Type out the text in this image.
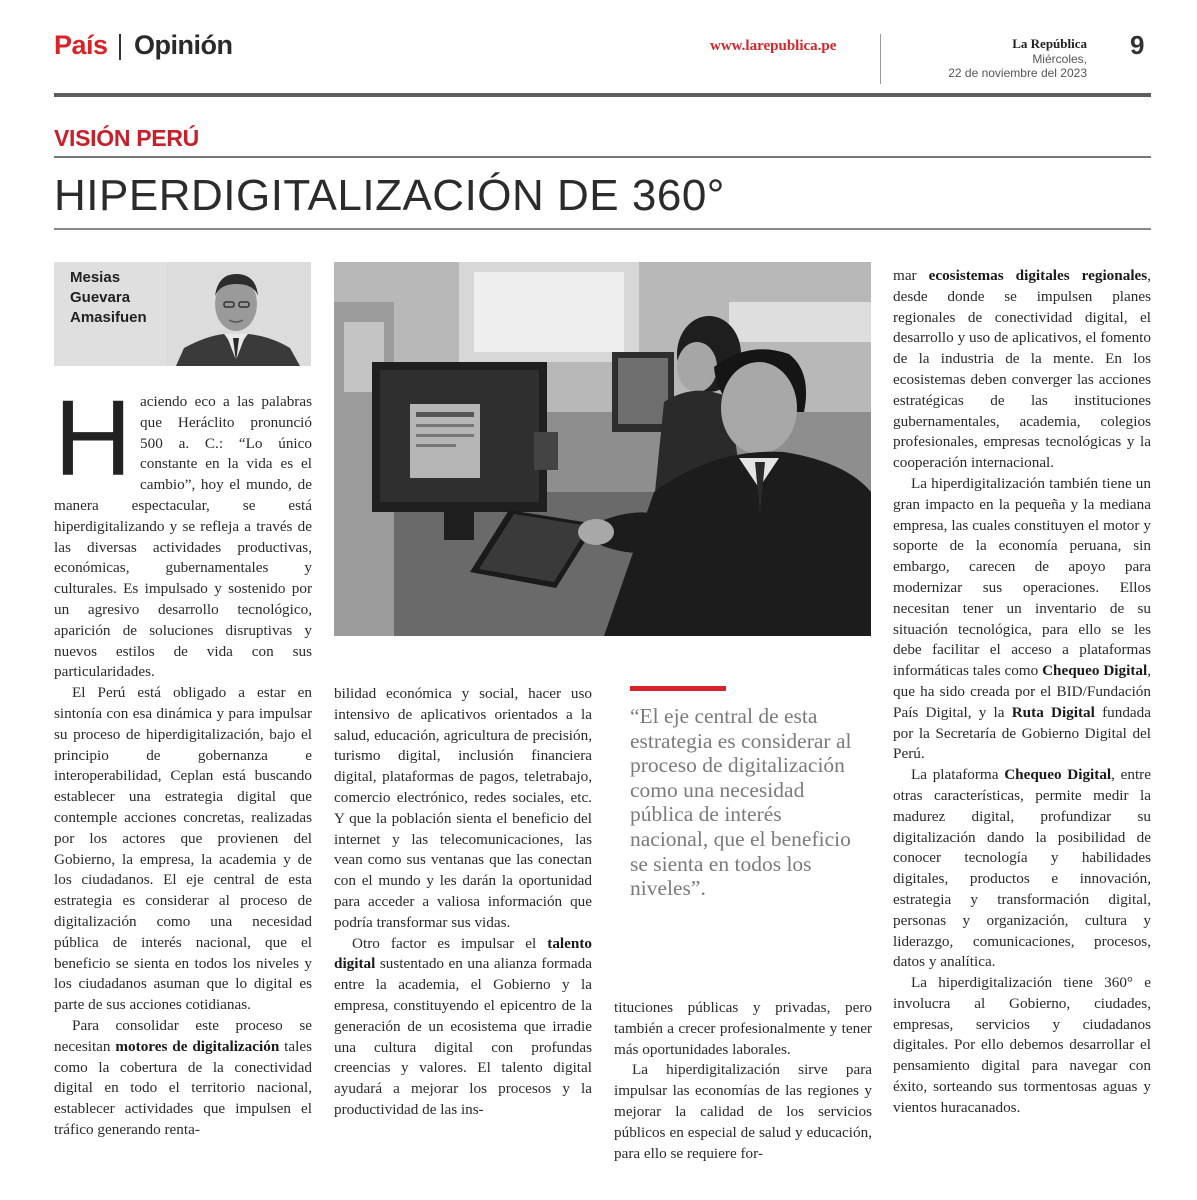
País Opinión	www.larepublica.pe	La República
Miércoles,
22 de noviembre del 2023
9
VISIÓN PERÚ
HIPERDIGITALIZACIÓN DE 360°
Mesias
Guevara
Amasifuen

Haciendo eco a las palabras que Heráclito pronunció 500 a. C.: “Lo único constante en la vida es el cambio”, hoy el mundo, de manera espectacular, se está hiperdigitalizando y se refleja a través de las diversas actividades productivas, económicas, gubernamentales y culturales. Es impulsado y sostenido por un agresivo desarrollo tecnológico, aparición de soluciones disruptivas y nuevos estilos de vida con sus particularidades.

El Perú está obligado a estar en sintonía con esa dinámica y para impulsar su proceso de hiperdigitalización, bajo el principio de gobernanza e interoperabilidad, Ceplan está buscando establecer una estrategia digital que contemple acciones concretas, realizadas por los actores que provienen del Gobierno, la empresa, la academia y de los ciudadanos. El eje central de esta estrategia es considerar al proceso de digitalización como una necesidad pública de interés nacional, que el beneficio se sienta en todos los niveles y los ciudadanos asuman que lo digital es parte de sus acciones cotidianas.

Para consolidar este proceso se necesitan motores de digitalización tales como la cobertura de la conectividad digital en todo el territorio nacional, establecer actividades que impulsen el tráfico generando renta-

bilidad económica y social, hacer uso intensivo de aplicativos orientados a la salud, educación, agricultura de precisión, turismo digital, inclusión financiera digital, plataformas de pagos, teletrabajo, comercio electrónico, redes sociales, etc. Y que la población sienta el beneficio del internet y las telecomunicaciones, las vean como sus ventanas que las conectan con el mundo y les darán la oportunidad para acceder a valiosa información que podría transformar sus vidas.

Otro factor es impulsar el talento digital sustentado en una alianza formada entre la academia, el Gobierno y la empresa, constituyendo el epicentro de la generación de un ecosistema que irradie una cultura digital con profundas creencias y valores. El talento digital ayudará a mejorar los procesos y la productividad de las ins-

“El eje central de esta estrategia es considerar al proceso de digitalización como una necesidad pública de interés nacional, que el beneficio se sienta en todos los niveles”.

tituciones públicas y privadas, pero también a crecer profesionalmente y tener más oportunidades laborales.

La hiperdigitalización sirve para impulsar las economías de las regiones y mejorar la calidad de los servicios públicos en especial de salud y educación, para ello se requiere for-

mar ecosistemas digitales regionales, desde donde se impulsen planes regionales de conectividad digital, el desarrollo y uso de aplicativos, el fomento de la industria de la mente. En los ecosistemas deben converger las acciones estratégicas de las instituciones gubernamentales, academia, colegios profesionales, empresas tecnológicas y la cooperación internacional.

La hiperdigitalización también tiene un gran impacto en la pequeña y la mediana empresa, las cuales constituyen el motor y soporte de la economía peruana, sin embargo, carecen de apoyo para modernizar sus operaciones. Ellos necesitan tener un inventario de su situación tecnológica, para ello se les debe facilitar el acceso a plataformas informáticas tales como Chequeo Digital, que ha sido creada por el BID/Fundación País Digital, y la Ruta Digital fundada por la Secretaría de Gobierno Digital del Perú.

La plataforma Chequeo Digital, entre otras características, permite medir la madurez digital, profundizar su digitalización dando la posibilidad de conocer tecnología y habilidades digitales, productos e innovación, estrategia y transformación digital, personas y organización, cultura y liderazgo, comunicaciones, procesos, datos y analítica.

La hiperdigitalización tiene 360° e involucra al Gobierno, ciudades, empresas, servicios y ciudadanos digitales. Por ello debemos desarrollar el pensamiento digital para navegar con éxito, sorteando sus tormentosas aguas y vientos huracanados.
